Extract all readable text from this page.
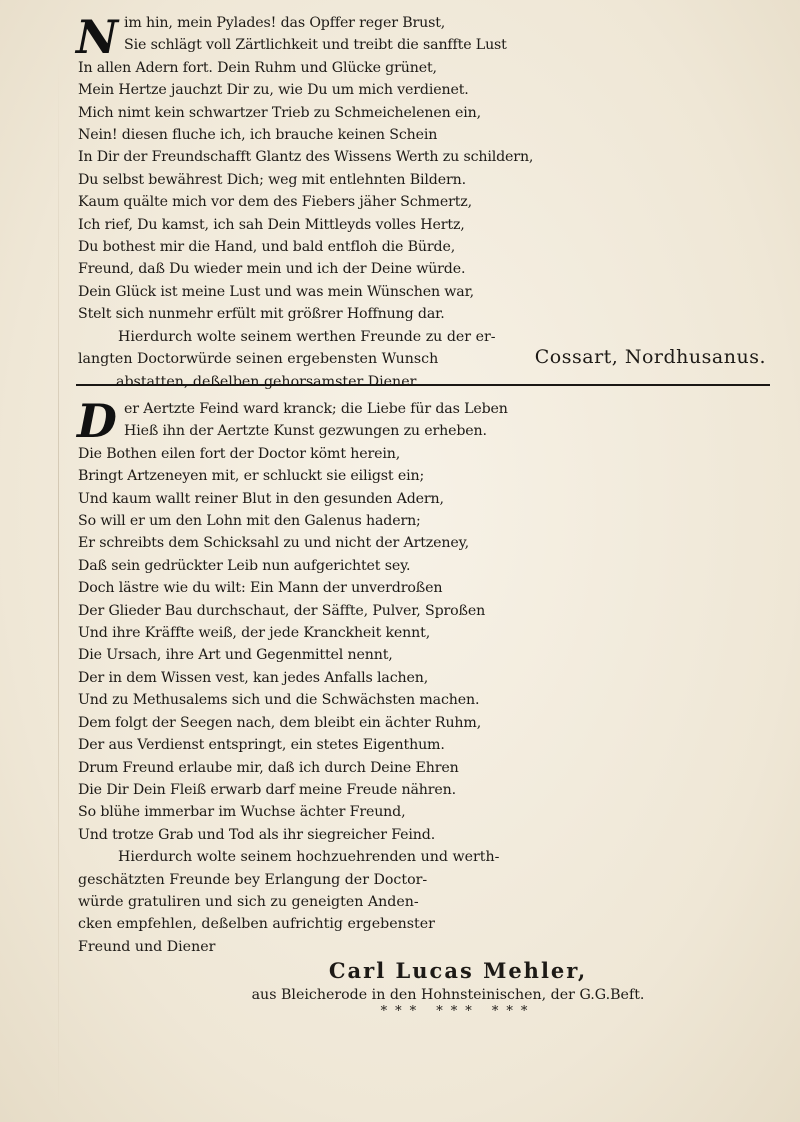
N im hin, mein Pylades! das Opffer reger Brust,
Sie schlägt voll Zärtlichkeit und treibt die sanffte Lust
In allen Adern fort. Dein Ruhm und Glücke grünet,
Mein Hertze jauchzt Dir zu, wie Du um mich verdienet.
Mich nimt kein schwartzer Trieb zu Schmeichelenen ein,
Nein! diesen fluche ich, ich brauche keinen Schein
In Dir der Freundschafft Glantz des Wissens Werth zu schildern,
Du selbst bewährest Dich; weg mit entlehnten Bildern.
Kaum quälte mich vor dem des Fiebers jäher Schmertz,
Ich rief, Du kamst, ich sah Dein Mittleyds volles Hertz,
Du bothest mir die Hand, und bald entfloh die Bürde,
Freund, daß Du wieder mein und ich der Deine würde.
Dein Glück ist meine Lust und was mein Wünschen war,
Stelt sich nunmehr erfült mit größrer Hoffnung dar.
Hierdurch wolte seinem werthen Freunde zu der er-
langten Doctorwürde seinen ergebensten Wunsch
abstatten, deßelben gehorsamster Diener
Cossart, Nordhusanus.
D er Aertzte Feind ward kranck; die Liebe für das Leben
Hieß ihn der Aertzte Kunst gezwungen zu erheben.
Die Bothen eilen fort der Doctor kömt herein,
Bringt Artzeneyen mit, er schluckt sie eiligst ein;
Und kaum wallt reiner Blut in den gesunden Adern,
So will er um den Lohn mit den Galenus hadern;
Er schreibts dem Schicksahl zu und nicht der Artzeney,
Daß sein gedrückter Leib nun aufgerichtet sey.
Doch lästre wie du wilt: Ein Mann der unverdroßen
Der Glieder Bau durchschaut, der Säffte, Pulver, Sproßen
Und ihre Kräffte weiß, der jede Kranckheit kennt,
Die Ursach, ihre Art und Gegenmittel nennt,
Der in dem Wissen vest, kan jedes Anfalls lachen,
Und zu Methusalems sich und die Schwächsten machen.
Dem folgt der Seegen nach, dem bleibt ein ächter Ruhm,
Der aus Verdienst entspringt, ein stetes Eigenthum.
Drum Freund erlaube mir, daß ich durch Deine Ehren
Die Dir Dein Fleiß erwarb darf meine Freude nähren.
So blühe immerbar im Wuchse ächter Freund,
Und trotze Grab und Tod als ihr siegreicher Feind.
Hierdurch wolte seinem hochzuehrenden und werth-
geschätzten Freunde bey Erlangung der Doctor-
würde gratuliren und sich zu geneigten Anden-
cken empfehlen, deßelben aufrichtig ergebenster
Freund und Diener
Carl Lucas Mehler,
aus Bleicherode in den Hohnsteinischen, der G.G.Beft.
*** *** ***
